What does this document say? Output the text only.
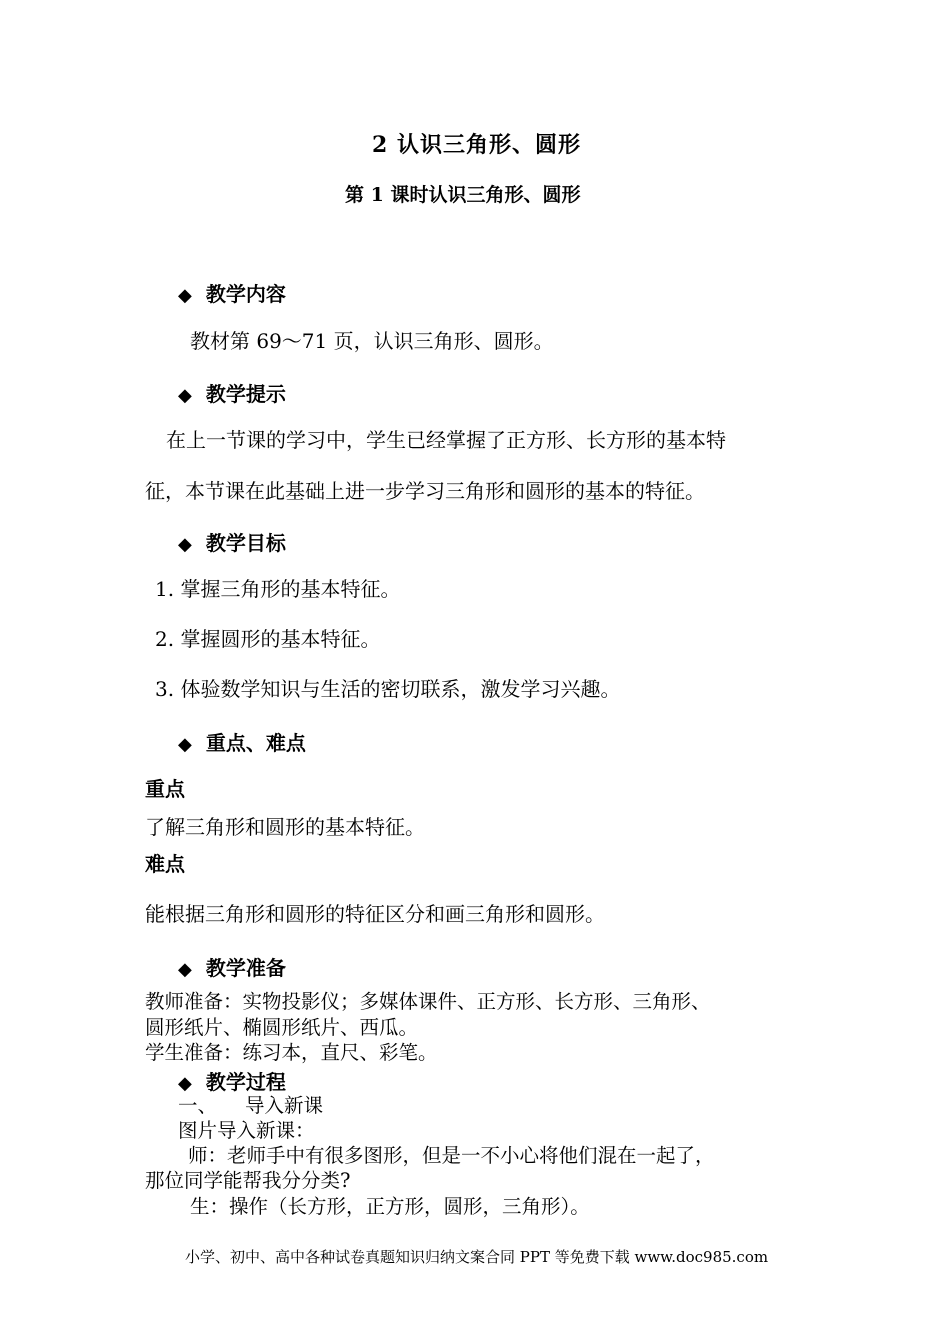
2 认识三角形、圆形
第 1 课时认识三角形、圆形
◆ 教学内容
教材第 69～71 页，认识三角形、圆形。
◆ 教学提示
在上一节课的学习中，学生已经掌握了正方形、长方形的基本特
征，本节课在此基础上进一步学习三角形和圆形的基本的特征。
◆ 教学目标
1. 掌握三角形的基本特征。
2. 掌握圆形的基本特征。
3. 体验数学知识与生活的密切联系，激发学习兴趣。
◆ 重点、难点
重点
了解三角形和圆形的基本特征。
难点
能根据三角形和圆形的特征区分和画三角形和圆形。
◆ 教学准备
教师准备：实物投影仪；多媒体课件、正方形、长方形、三角形、
圆形纸片、椭圆形纸片、西瓜。
学生准备：练习本，直尺、彩笔。
◆ 教学过程
一、 导入新课
图片导入新课：
师：老师手中有很多图形，但是一不小心将他们混在一起了，
那位同学能帮我分分类?
生：操作（长方形，正方形，圆形，三角形）。
小学、初中、高中各种试卷真题知识归纳文案合同 PPT 等免费下载 www.doc985.com
